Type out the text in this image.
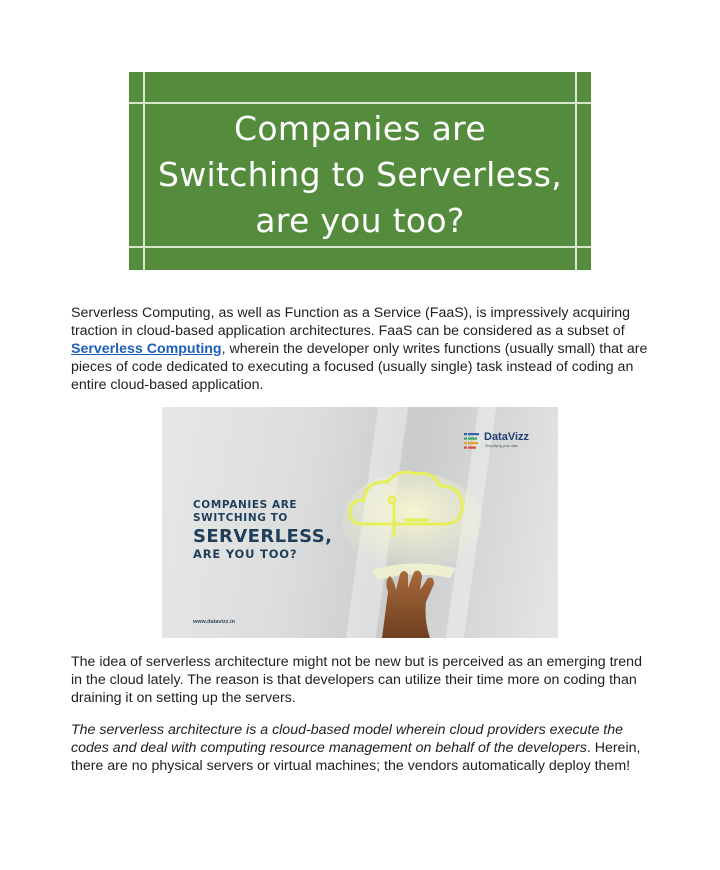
Companies are
Switching to Serverless,
are you too?

Serverless Computing, as well as Function as a Service (FaaS), is impressively acquiring traction in cloud-based application architectures. FaaS can be considered as a subset of Serverless Computing, wherein the developer only writes functions (usually small) that are pieces of code dedicated to executing a focused (usually single) task instead of coding an entire cloud-based application.

DataVizz
Simplifying your data
COMPANIES ARE
SWITCHING TO
SERVERLESS,
ARE YOU TOO?
www.datavizz.in

The idea of serverless architecture might not be new but is perceived as an emerging trend in the cloud lately. The reason is that developers can utilize their time more on coding than draining it on setting up the servers.

The serverless architecture is a cloud-based model wherein cloud providers execute the codes and deal with computing resource management on behalf of the developers. Herein, there are no physical servers or virtual machines; the vendors automatically deploy them!
